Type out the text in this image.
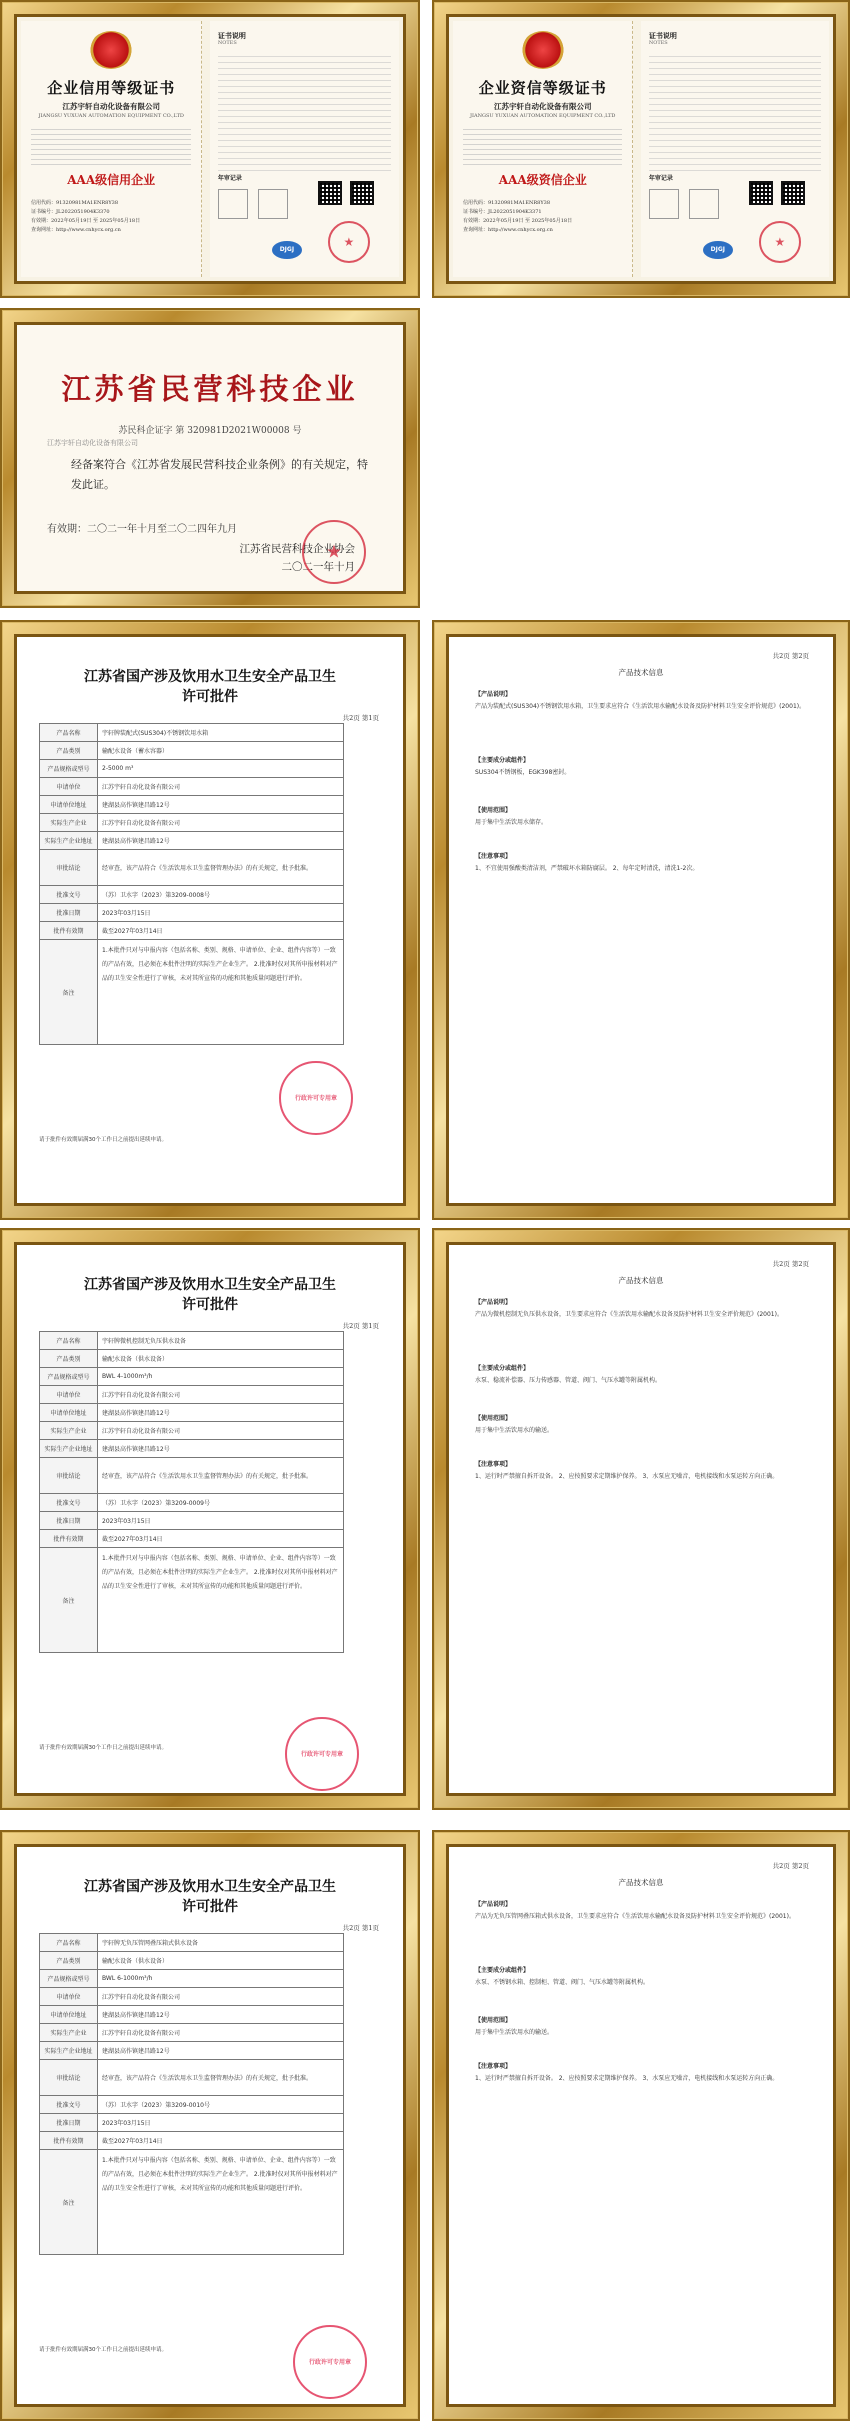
企业信用等级证书
江苏宇轩自动化设备有限公司
JIANGSU YUXUAN AUTOMATION EQUIPMENT CO.,LTD
AAA级信用企业
信用代码：91320981MA1ENR8Y38
证书编号：JL2022051904K3370
有效期：2022年05月19日 至 2025年05月18日
查询网址：http://www.cnhycx.org.cn
证书说明
NOTES
年审记录
DJGJ
★
企业资信等级证书
江苏宇轩自动化设备有限公司
JIANGSU YUXUAN AUTOMATION EQUIPMENT CO.,LTD
AAA级资信企业
信用代码：91320981MA1ENR8Y38
证书编号：JL2022051904K3371
有效期：2022年05月19日 至 2025年05月18日
查询网址：http://www.cnhycx.org.cn
证书说明
NOTES
年审记录
DJGJ
★
江苏省民营科技企业
苏民科企证字 第 320981D2021W00008 号
江苏宇轩自动化设备有限公司
经备案符合《江苏省发展民营科技企业条例》的有关规定，特发此证。
有效期：二〇二一年十月至二〇二四年九月
江苏省民营科技企业协会
二〇二一年十月
★
江苏省国产涉及饮用水卫生安全产品卫生
许可批件
共2页 第1页
产品名称	宇轩牌装配式(SUS304)不锈钢饮用水箱
产品类别	输配水设备（蓄水容器）
产品规格或型号	2-5000 m³
申请单位	江苏宇轩自动化设备有限公司
申请单位地址	建湖县高作镇建昌路12号
实际生产企业	江苏宇轩自动化设备有限公司
实际生产企业地址	建湖县高作镇建昌路12号
审批结论	经审查，该产品符合《生活饮用水卫生监督管理办法》的有关规定，批予批准。
批准文号	（苏）卫水字（2023）第3209-0008号
批准日期	2023年03月15日
批件有效期	截至2027年03月14日
备注	1.本批件只对与申报内容（包括名称、类别、规格、申请单位、企业、组件内容等）一致的产品有效，且必须在本批件注明的实际生产企业生产。 2.批准时仅对其所申报材料对产品的卫生安全性进行了审核，未对其所宣传的功能和其他质量问题进行评价。
请于批件有效期届满30个工作日之前提出延续申请。
行政许可专用章
共2页 第2页
产品技术信息
【产品说明】
产品为装配式(SUS304)不锈钢饮用水箱，卫生要求应符合《生活饮用水输配水设备及防护材料卫生安全评价规范》(2001)。
【主要成分或组件】
SUS304不锈钢板，EGK398密封。
【使用范围】
用于集中生活饮用水储存。
【注意事项】
1、不宜使用强酸类清洁剂，严禁破坏水箱防腐层。 2、每年定时清洗，清洗1-2次。
江苏省国产涉及饮用水卫生安全产品卫生
许可批件
共2页 第1页
产品名称	宇轩牌微机控制无负压供水设备
产品类别	输配水设备（供水设备）
产品规格或型号	BWL 4-1000m³/h
申请单位	江苏宇轩自动化设备有限公司
申请单位地址	建湖县高作镇建昌路12号
实际生产企业	江苏宇轩自动化设备有限公司
实际生产企业地址	建湖县高作镇建昌路12号
审批结论	经审查，该产品符合《生活饮用水卫生监督管理办法》的有关规定，批予批准。
批准文号	（苏）卫水字（2023）第3209-0009号
批准日期	2023年03月15日
批件有效期	截至2027年03月14日
备注	1.本批件只对与申报内容（包括名称、类别、规格、申请单位、企业、组件内容等）一致的产品有效，且必须在本批件注明的实际生产企业生产。 2.批准时仅对其所申报材料对产品的卫生安全性进行了审核，未对其所宣传的功能和其他质量问题进行评价。
请于批件有效期届满30个工作日之前提出延续申请。
行政许可专用章
共2页 第2页
产品技术信息
【产品说明】
产品为微机控制无负压供水设备，卫生要求应符合《生活饮用水输配水设备及防护材料卫生安全评价规范》(2001)。
【主要成分或组件】
水泵、稳流补偿器、压力传感器、管道、阀门、气压水罐等附属机构。
【使用范围】
用于集中生活饮用水的输送。
【注意事项】
1、运行时严禁擅自拆开设备。 2、应按照要求定期维护保养。 3、水泵应无噪音，电机接线和水泵运转方向正确。
江苏省国产涉及饮用水卫生安全产品卫生
许可批件
共2页 第1页
产品名称	宇轩牌无负压管网叠压箱式供水设备
产品类别	输配水设备（供水设备）
产品规格或型号	BWL 6-1000m³/h
申请单位	江苏宇轩自动化设备有限公司
申请单位地址	建湖县高作镇建昌路12号
实际生产企业	江苏宇轩自动化设备有限公司
实际生产企业地址	建湖县高作镇建昌路12号
审批结论	经审查，该产品符合《生活饮用水卫生监督管理办法》的有关规定，批予批准。
批准文号	（苏）卫水字（2023）第3209-0010号
批准日期	2023年03月15日
批件有效期	截至2027年03月14日
备注	1.本批件只对与申报内容（包括名称、类别、规格、申请单位、企业、组件内容等）一致的产品有效，且必须在本批件注明的实际生产企业生产。 2.批准时仅对其所申报材料对产品的卫生安全性进行了审核，未对其所宣传的功能和其他质量问题进行评价。
请于批件有效期届满30个工作日之前提出延续申请。
行政许可专用章
共2页 第2页
产品技术信息
【产品说明】
产品为无负压管网叠压箱式供水设备，卫生要求应符合《生活饮用水输配水设备及防护材料卫生安全评价规范》(2001)。
【主要成分或组件】
水泵、不锈钢水箱、控制柜、管道、阀门、气压水罐等附属机构。
【使用范围】
用于集中生活饮用水的输送。
【注意事项】
1、运行时严禁擅自拆开设备。 2、应按照要求定期维护保养。 3、水泵应无噪音，电机接线和水泵运转方向正确。
